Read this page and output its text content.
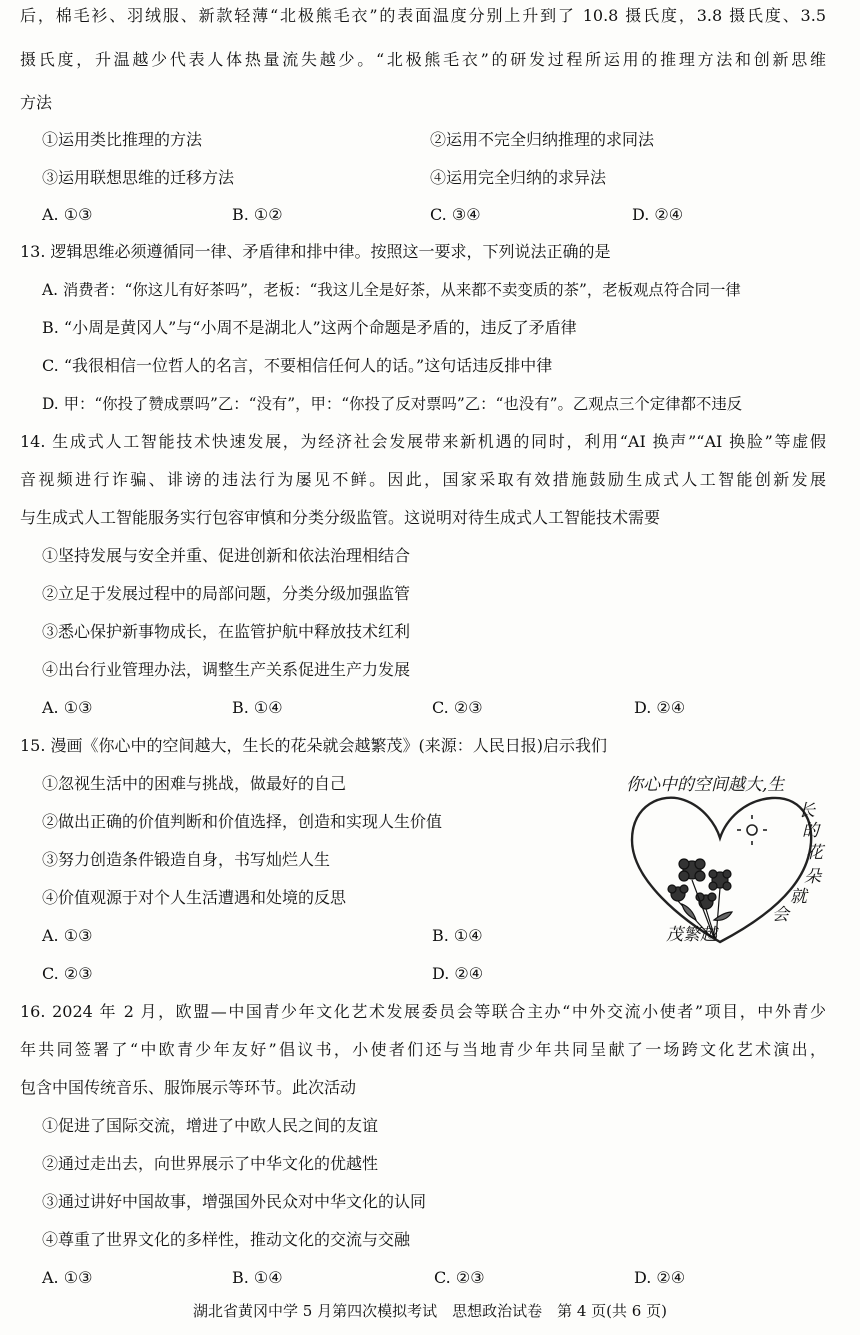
后，棉毛衫、羽绒服、新款轻薄“北极熊毛衣”的表面温度分别上升到了 10.8 摄氏度，3.8 摄氏度、3.5
摄氏度，升温越少代表人体热量流失越少。“北极熊毛衣”的研发过程所运用的推理方法和创新思维
方法
①运用类比推理的方法	②运用不完全归纳推理的求同法
③运用联想思维的迁移方法	④运用完全归纳的求异法
A. ①③	B. ①②	C. ③④	D. ②④
13. 逻辑思维必须遵循同一律、矛盾律和排中律。按照这一要求，下列说法正确的是
A. 消费者：“你这儿有好茶吗”，老板：“我这儿全是好茶，从来都不卖变质的茶”，老板观点符合同一律
B. “小周是黄冈人”与“小周不是湖北人”这两个命题是矛盾的，违反了矛盾律
C. “我很相信一位哲人的名言，不要相信任何人的话。”这句话违反排中律
D. 甲：“你投了赞成票吗”乙：“没有”，甲：“你投了反对票吗”乙：“也没有”。乙观点三个定律都不违反
14. 生成式人工智能技术快速发展，为经济社会发展带来新机遇的同时，利用“AI 换声”“AI 换脸”等虚假
音视频进行诈骗、诽谤的违法行为屡见不鲜。因此，国家采取有效措施鼓励生成式人工智能创新发展
与生成式人工智能服务实行包容审慎和分类分级监管。这说明对待生成式人工智能技术需要
①坚持发展与安全并重、促进创新和依法治理相结合
②立足于发展过程中的局部问题，分类分级加强监管
③悉心保护新事物成长，在监管护航中释放技术红利
④出台行业管理办法，调整生产关系促进生产力发展
A. ①③	B. ①④	C. ②③	D. ②④
15. 漫画《你心中的空间越大，生长的花朵就会越繁茂》(来源：人民日报)启示我们
①忽视生活中的困难与挑战，做最好的自己
②做出正确的价值判断和价值选择，创造和实现人生价值
③努力创造条件锻造自身，书写灿烂人生
④价值观源于对个人生活遭遇和处境的反思
A. ①③	B. ①④
C. ②③	D. ②④
你心中的空间越大,生
长
的
花
朵
就
会
茂繁越
16. 2024 年 2 月，欧盟—中国青少年文化艺术发展委员会等联合主办“中外交流小使者”项目，中外青少
年共同签署了“中欧青少年友好”倡议书，小使者们还与当地青少年共同呈献了一场跨文化艺术演出，
包含中国传统音乐、服饰展示等环节。此次活动
①促进了国际交流，增进了中欧人民之间的友谊
②通过走出去，向世界展示了中华文化的优越性
③通过讲好中国故事，增强国外民众对中华文化的认同
④尊重了世界文化的多样性，推动文化的交流与交融
A. ①③	B. ①④	C. ②③	D. ②④
湖北省黄冈中学 5 月第四次模拟考试　思想政治试卷　第 4 页(共 6 页)
